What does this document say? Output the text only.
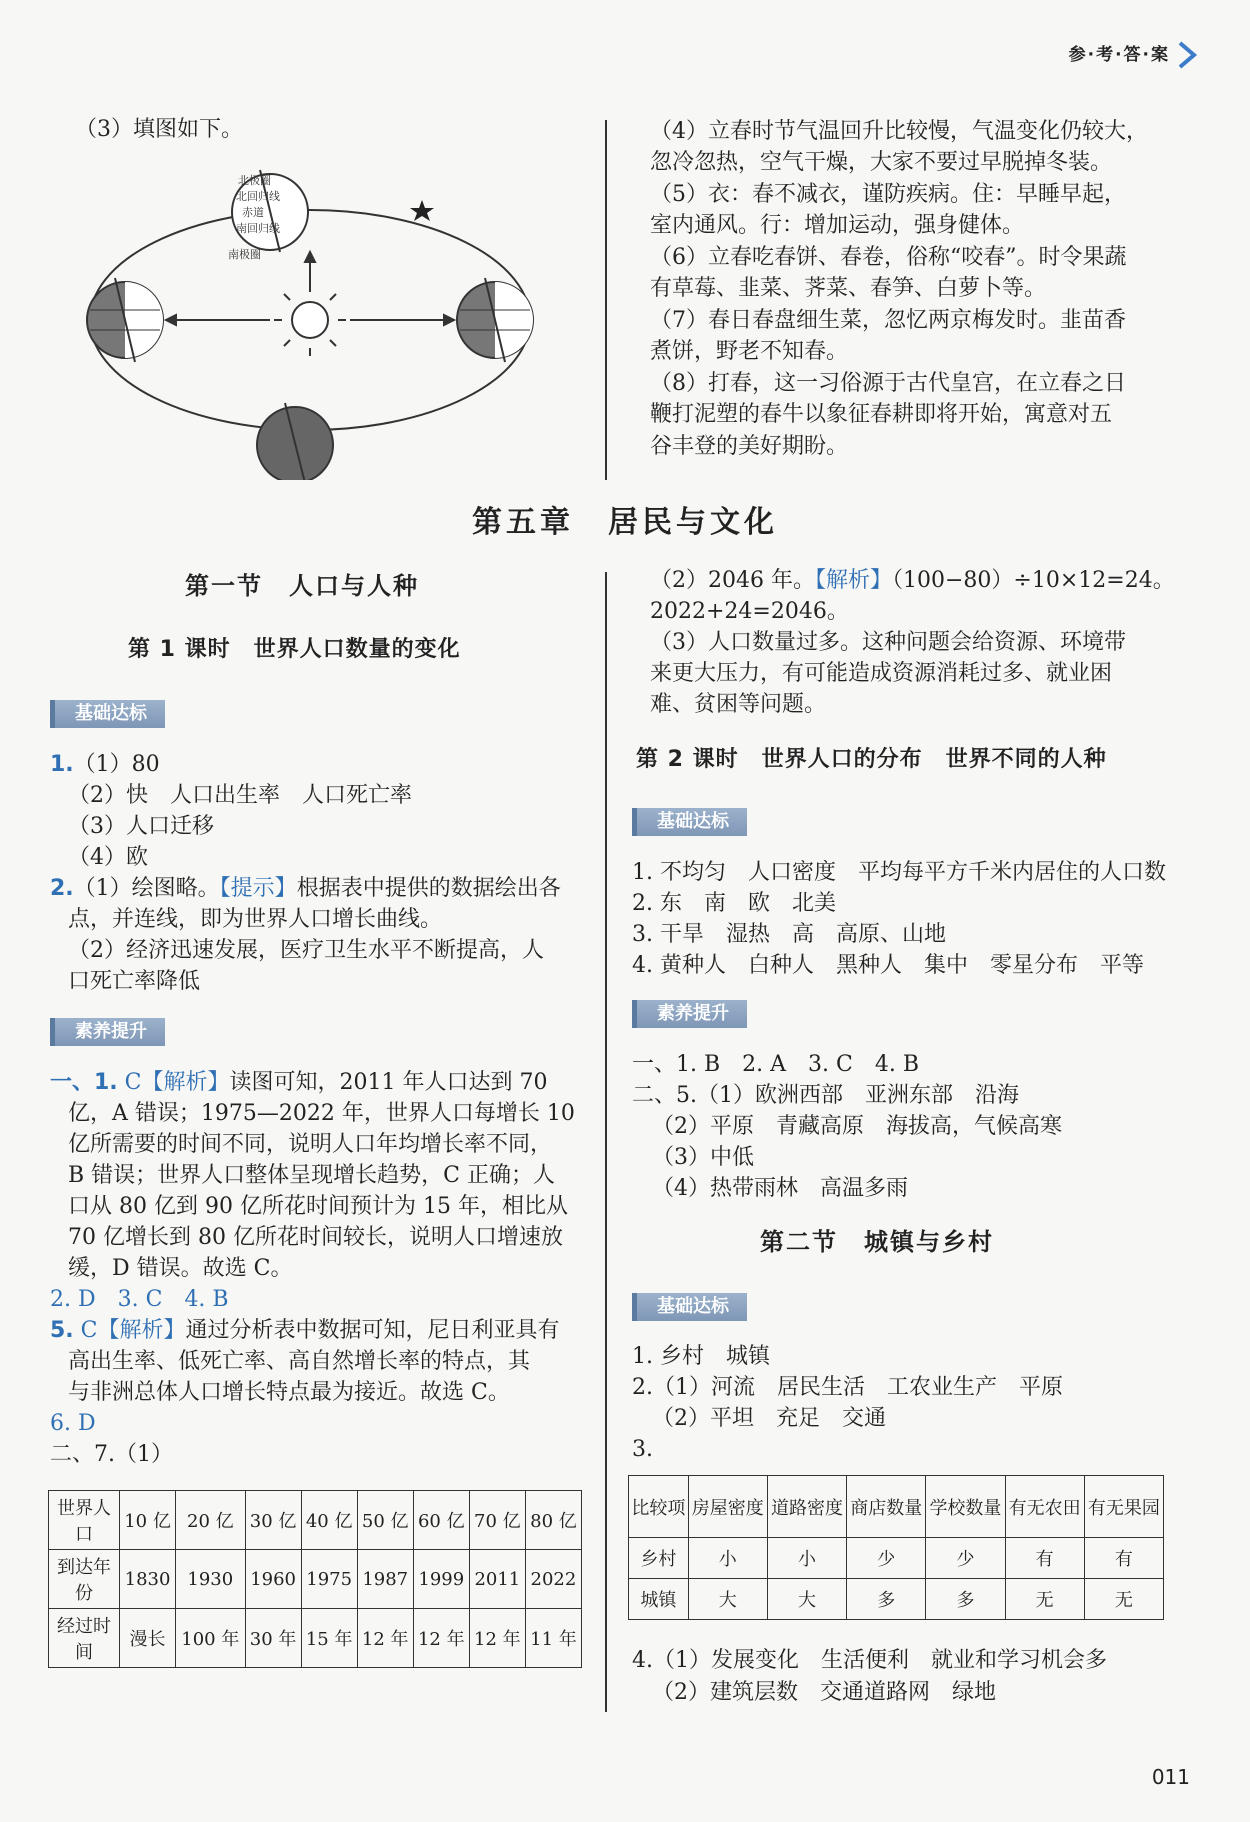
参·考·答·案
（3）填图如下。
北极圈
北回归线
赤道
南回归线
南极圈
（4）立春时节气温回升比较慢，气温变化仍较大，
忽冷忽热，空气干燥，大家不要过早脱掉冬装。
（5）衣：春不减衣，谨防疾病。住：早睡早起，
室内通风。行：增加运动，强身健体。
（6）立春吃春饼、春卷，俗称“咬春”。时令果蔬
有草莓、韭菜、荠菜、春笋、白萝卜等。
（7）春日春盘细生菜，忽忆两京梅发时。韭苗香
煮饼，野老不知春。
（8）打春，这一习俗源于古代皇宫，在立春之日
鞭打泥塑的春牛以象征春耕即将开始，寓意对五
谷丰登的美好期盼。
第五章　居民与文化
第一节　人口与人种
第 1 课时　世界人口数量的变化
基础达标
1.（1）80
（2）快　人口出生率　人口死亡率
（3）人口迁移
（4）欧
2.（1）绘图略。【提示】根据表中提供的数据绘出各
点，并连线，即为世界人口增长曲线。
（2）经济迅速发展，医疗卫生水平不断提高，人
口死亡率降低
素养提升
一、1. C【解析】读图可知，2011 年人口达到 70
亿，A 错误；1975—2022 年，世界人口每增长 10
亿所需要的时间不同，说明人口年均增长率不同，
B 错误；世界人口整体呈现增长趋势，C 正确；人
口从 80 亿到 90 亿所花时间预计为 15 年，相比从
70 亿增长到 80 亿所花时间较长，说明人口增速放
缓，D 错误。故选 C。
2. D　3. C　4. B
5. C【解析】通过分析表中数据可知，尼日利亚具有
高出生率、低死亡率、高自然增长率的特点，其
与非洲总体人口增长特点最为接近。故选 C。
6. D
二、7.（1）
世界人口	10 亿	20 亿	30 亿	40 亿	50 亿	60 亿	70 亿	80 亿
到达年份	1830	1930	1960	1975	1987	1999	2011	2022
经过时间	漫长	100 年	30 年	15 年	12 年	12 年	12 年	11 年
（2）2046 年。【解析】（100−80）÷10×12=24。
2022+24=2046。
（3）人口数量过多。这种问题会给资源、环境带
来更大压力，有可能造成资源消耗过多、就业困
难、贫困等问题。
第 2 课时　世界人口的分布　世界不同的人种
基础达标
1. 不均匀　人口密度　平均每平方千米内居住的人口数
2. 东　南　欧　北美
3. 干旱　湿热　高　高原、山地
4. 黄种人　白种人　黑种人　集中　零星分布　平等
素养提升
一、1. B　2. A　3. C　4. B
二、5.（1）欧洲西部　亚洲东部　沿海
（2）平原　青藏高原　海拔高，气候高寒
（3）中低
（4）热带雨林　高温多雨
第二节　城镇与乡村
基础达标
1. 乡村　城镇
2.（1）河流　居民生活　工农业生产　平原
（2）平坦　充足　交通
3.
比较项	房屋密度	道路密度	商店数量	学校数量	有无农田	有无果园
乡村	小	小	少	少	有	有
城镇	大	大	多	多	无	无
4.（1）发展变化　生活便利　就业和学习机会多
（2）建筑层数　交通道路网　绿地
011
